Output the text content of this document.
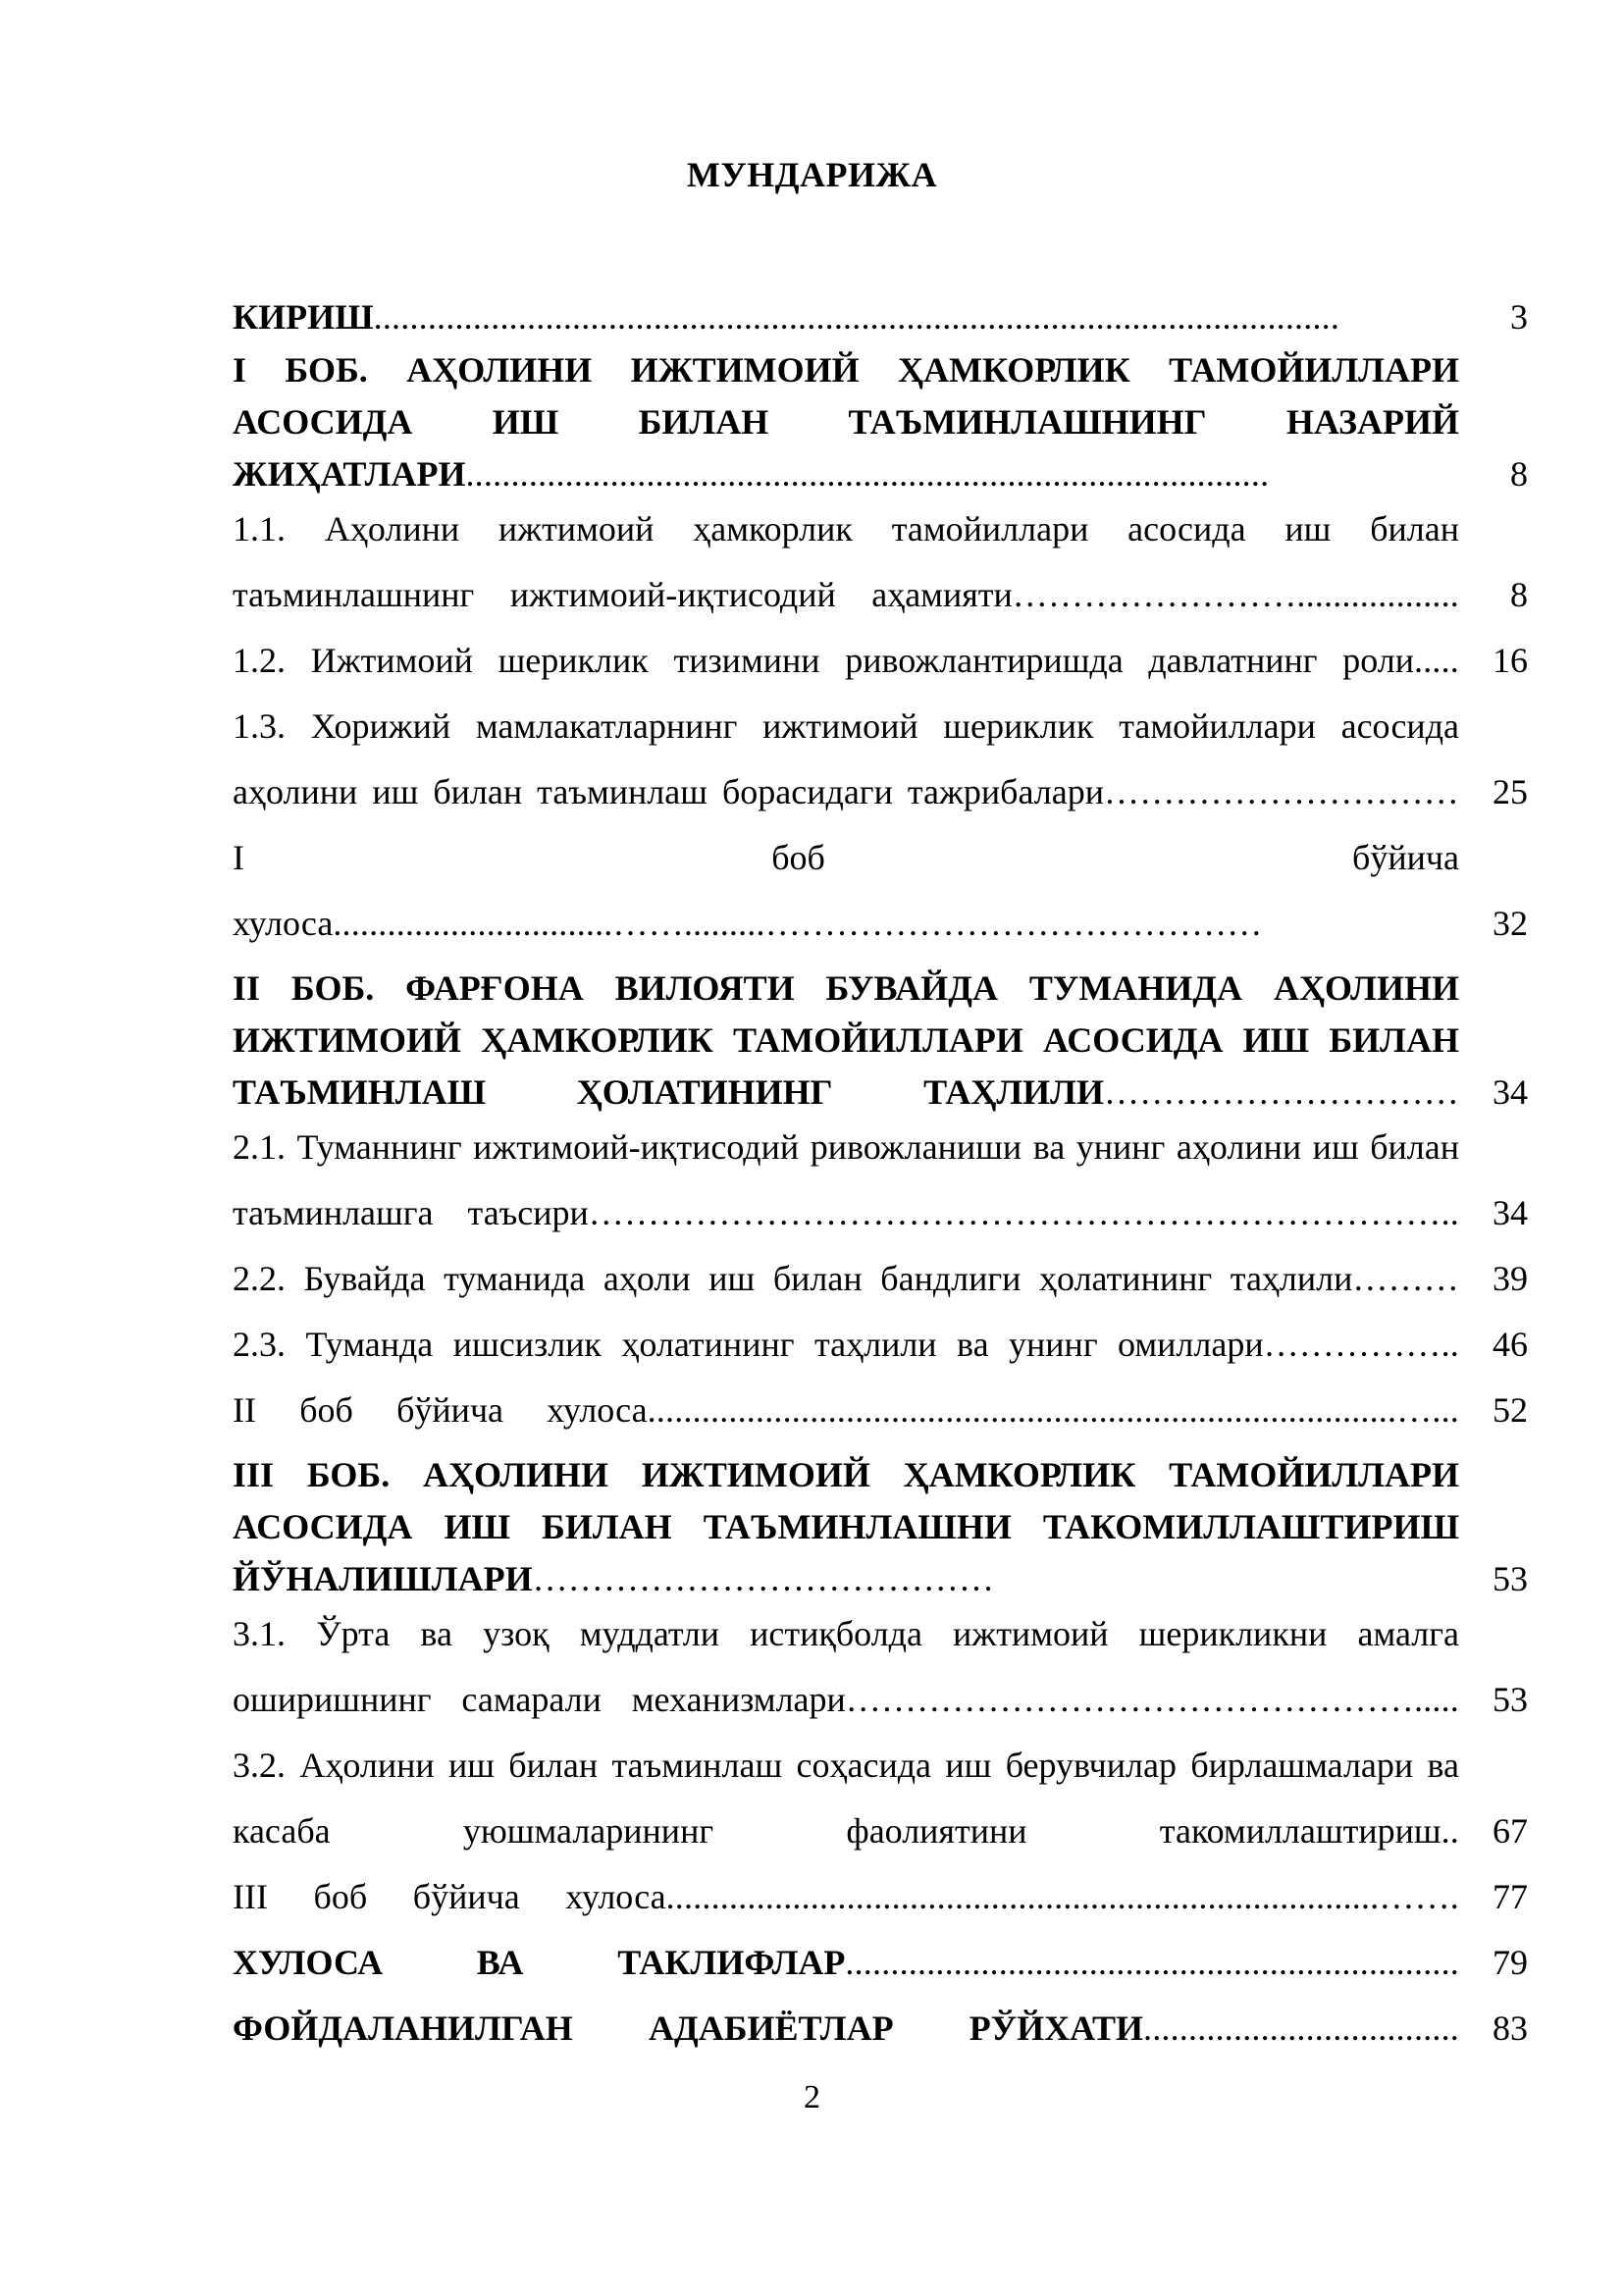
МУНДАРИЖА
КИРИШ...........................................................................................................	3
I БОБ. АҲОЛИНИ ИЖТИМОИЙ ҲАМКОРЛИК ТАМОЙИЛЛАРИ АСОСИДА ИШ БИЛАН ТАЪМИНЛАШНИНГ НАЗАРИЙ ЖИҲАТЛАРИ.........................................................................................	8
1.1. Аҳолини ижтимоий ҳамкорлик тамойиллари асосида иш билан таъминлашнинг ижтимоий-иқтисодий аҳамияти……………………..................	8
1.2. Ижтимоий шериклик тизимини ривожлантиришда давлатнинг роли..... 16
1.3. Хорижий мамлакатларнинг ижтимоий шериклик тамойиллари асосида аҳолини иш билан таъминлаш борасидаги тажрибалари………………………… 25
I боб бўйича хулоса...............................…….........……………………………………	32
II БОБ. ФАРҒОНА ВИЛОЯТИ БУВАЙДА ТУМАНИДА АҲОЛИНИ ИЖТИМОИЙ ҲАМКОРЛИК ТАМОЙИЛЛАРИ АСОСИДА ИШ БИЛАН ТАЪМИНЛАШ ҲОЛАТИНИНГ ТАҲЛИЛИ………………………… 34
2.1. Туманнинг ижтимоий-иқтисодий ривожланиши ва унинг аҳолини иш билан таъминлашга таъсири……………………………………………………………….. 34
2.2. Бувайда туманида аҳоли иш билан бандлиги ҳолатининг таҳлили……… 39
2.3. Туманда ишсизлик ҳолатининг таҳлили ва унинг омиллари…………….. 46
II боб бўйича хулоса...................................................................................…... 52
III БОБ. АҲОЛИНИ ИЖТИМОИЙ ҲАМКОРЛИК ТАМОЙИЛЛАРИ АСОСИДА ИШ БИЛАН ТАЪМИНЛАШНИ ТАКОМИЛЛАШТИРИШ ЙЎНАЛИШЛАРИ…………………………………	53
3.1. Ўрта ва узоқ муддатли истиқболда ижтимоий шерикликни амалга оширишнинг самарали механизмлари…………………………………………..... 53
3.2. Аҳолини иш билан таъминлаш соҳасида иш берувчилар бирлашмалари ва касаба уюшмаларининг фаолиятини такомиллаштириш.. 67
III боб бўйича хулоса...............................................................................……. 77
ХУЛОСА ВА ТАКЛИФЛАР.................................................................... 79
ФОЙДАЛАНИЛГАН АДАБИЁТЛАР РЎЙХАТИ................................... 83
2
